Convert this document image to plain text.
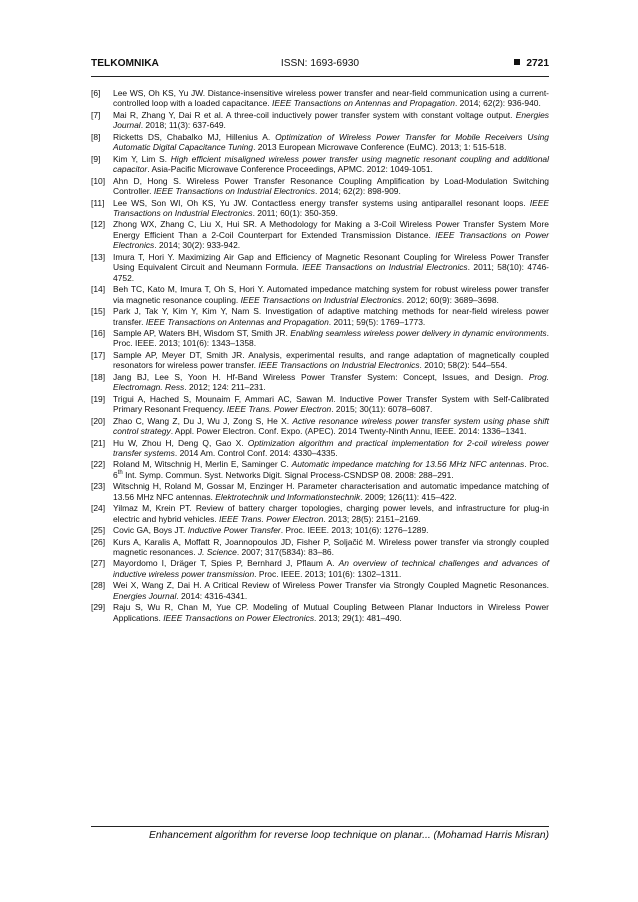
TELKOMNIKA	ISSN: 1693-6930	2721
[6] Lee WS, Oh KS, Yu JW. Distance-insensitive wireless power transfer and near-field communication using a current-controlled loop with a loaded capacitance. IEEE Transactions on Antennas and Propagation. 2014; 62(2): 936-940.
[7] Mai R, Zhang Y, Dai R et al. A three-coil inductively power transfer system with constant voltage output. Energies Journal. 2018; 11(3): 637-649.
[8] Ricketts DS, Chabalko MJ, Hillenius A. Optimization of Wireless Power Transfer for Mobile Receivers Using Automatic Digital Capacitance Tuning. 2013 European Microwave Conference (EuMC). 2013; 1: 515-518.
[9] Kim Y, Lim S. High efficient misaligned wireless power transfer using magnetic resonant coupling and additional capacitor. Asia-Pacific Microwave Conference Proceedings, APMC. 2012: 1049-1051.
[10] Ahn D, Hong S. Wireless Power Transfer Resonance Coupling Amplification by Load-Modulation Switching Controller. IEEE Transactions on Industrial Electronics. 2014; 62(2): 898-909.
[11] Lee WS, Son WI, Oh KS, Yu JW. Contactless energy transfer systems using antiparallel resonant loops. IEEE Transactions on Industrial Electronics. 2011; 60(1): 350-359.
[12] Zhong WX, Zhang C, Liu X, Hui SR. A Methodology for Making a 3-Coil Wireless Power Transfer System More Energy Efficient Than a 2-Coil Counterpart for Extended Transmission Distance. IEEE Transactions on Power Electronics. 2014; 30(2): 933-942.
[13] Imura T, Hori Y. Maximizing Air Gap and Efficiency of Magnetic Resonant Coupling for Wireless Power Transfer Using Equivalent Circuit and Neumann Formula. IEEE Transactions on Industrial Electronics. 2011; 58(10): 4746-4752.
[14] Beh TC, Kato M, Imura T, Oh S, Hori Y. Automated impedance matching system for robust wireless power transfer via magnetic resonance coupling. IEEE Transactions on Industrial Electronics. 2012; 60(9): 3689–3698.
[15] Park J, Tak Y, Kim Y, Kim Y, Nam S. Investigation of adaptive matching methods for near-field wireless power transfer. IEEE Transactions on Antennas and Propagation. 2011; 59(5): 1769–1773.
[16] Sample AP, Waters BH, Wisdom ST, Smith JR. Enabling seamless wireless power delivery in dynamic environments. Proc. IEEE. 2013; 101(6): 1343–1358.
[17] Sample AP, Meyer DT, Smith JR. Analysis, experimental results, and range adaptation of magnetically coupled resonators for wireless power transfer. IEEE Transactions on Industrial Electronics. 2010; 58(2): 544–554.
[18] Jang BJ, Lee S, Yoon H. Hf-Band Wireless Power Transfer System: Concept, Issues, and Design. Prog. Electromagn. Ress. 2012; 124: 211–231.
[19] Trigui A, Hached S, Mounaim F, Ammari AC, Sawan M. Inductive Power Transfer System with Self-Calibrated Primary Resonant Frequency. IEEE Trans. Power Electron. 2015; 30(11): 6078–6087.
[20] Zhao C, Wang Z, Du J, Wu J, Zong S, He X. Active resonance wireless power transfer system using phase shift control strategy. Appl. Power Electron. Conf. Expo. (APEC). 2014 Twenty-Ninth Annu, IEEE. 2014: 1336–1341.
[21] Hu W, Zhou H, Deng Q, Gao X. Optimization algorithm and practical implementation for 2-coil wireless power transfer systems. 2014 Am. Control Conf. 2014: 4330–4335.
[22] Roland M, Witschnig H, Merlin E, Saminger C. Automatic impedance matching for 13.56 MHz NFC antennas. Proc. 6th Int. Symp. Commun. Syst. Networks Digit. Signal Process-CSNDSP 08. 2008: 288–291.
[23] Witschnig H, Roland M, Gossar M, Enzinger H. Parameter characterisation and automatic impedance matching of 13.56 MHz NFC antennas. Elektrotechnik und Informationstechnik. 2009; 126(11): 415–422.
[24] Yilmaz M, Krein PT. Review of battery charger topologies, charging power levels, and infrastructure for plug-in electric and hybrid vehicles. IEEE Trans. Power Electron. 2013; 28(5): 2151–2169.
[25] Covic GA, Boys JT. Inductive Power Transfer. Proc. IEEE. 2013; 101(6): 1276–1289.
[26] Kurs A, Karalis A, Moffatt R, Joannopoulos JD, Fisher P, Soljačić M. Wireless power transfer via strongly coupled magnetic resonances. J. Science. 2007; 317(5834): 83–86.
[27] Mayordomo I, Dräger T, Spies P, Bernhard J, Pflaum A. An overview of technical challenges and advances of inductive wireless power transmission. Proc. IEEE. 2013; 101(6): 1302–1311.
[28] Wei X, Wang Z, Dai H. A Critical Review of Wireless Power Transfer via Strongly Coupled Magnetic Resonances. Energies Journal. 2014: 4316-4341.
[29] Raju S, Wu R, Chan M, Yue CP. Modeling of Mutual Coupling Between Planar Inductors in Wireless Power Applications. IEEE Transactions on Power Electronics. 2013; 29(1): 481–490.
Enhancement algorithm for reverse loop technique on planar... (Mohamad Harris Misran)
